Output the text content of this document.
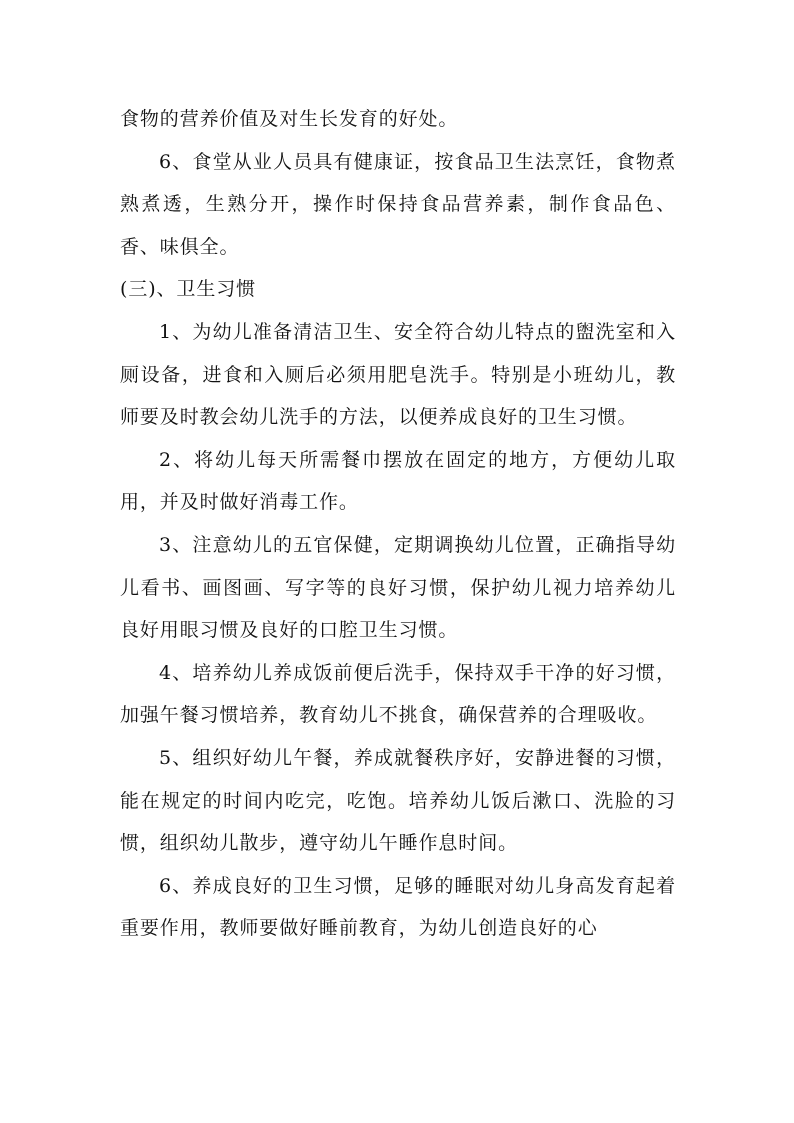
食物的营养价值及对生长发育的好处。

6、食堂从业人员具有健康证，按食品卫生法烹饪，食物煮熟煮透，生熟分开，操作时保持食品营养素，制作食品色、香、味俱全。

(三)、卫生习惯

1、为幼儿准备清洁卫生、安全符合幼儿特点的盥洗室和入厕设备，进食和入厕后必须用肥皂洗手。特别是小班幼儿，教师要及时教会幼儿洗手的方法，以便养成良好的卫生习惯。

2、将幼儿每天所需餐巾摆放在固定的地方，方便幼儿取用，并及时做好消毒工作。

3、注意幼儿的五官保健，定期调换幼儿位置，正确指导幼儿看书、画图画、写字等的良好习惯，保护幼儿视力培养幼儿良好用眼习惯及良好的口腔卫生习惯。

4、培养幼儿养成饭前便后洗手，保持双手干净的好习惯，加强午餐习惯培养，教育幼儿不挑食，确保营养的合理吸收。

5、组织好幼儿午餐，养成就餐秩序好，安静进餐的习惯，能在规定的时间内吃完，吃饱。培养幼儿饭后漱口、洗脸的习惯，组织幼儿散步，遵守幼儿午睡作息时间。

6、养成良好的卫生习惯，足够的睡眠对幼儿身高发育起着重要作用，教师要做好睡前教育，为幼儿创造良好的心
